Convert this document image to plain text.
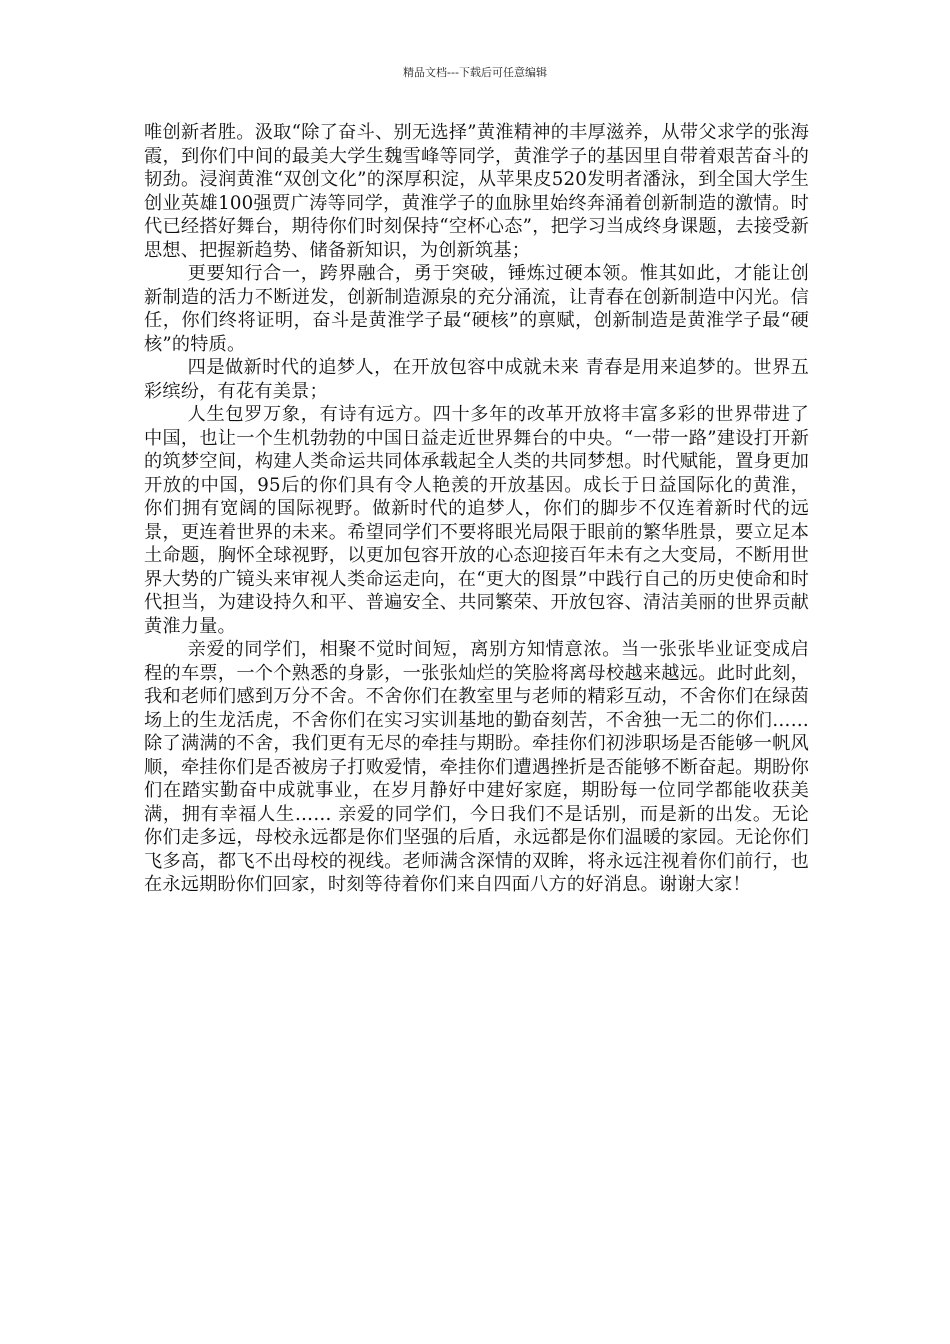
精品文档---下载后可任意编辑

唯创新者胜。汲取“除了奋斗、别无选择”黄淮精神的丰厚滋养，从带父求学的张海霞，到你们中间的最美大学生魏雪峰等同学，黄淮学子的基因里自带着艰苦奋斗的韧劲。浸润黄淮“双创文化”的深厚积淀，从苹果皮520发明者潘泳，到全国大学生创业英雄100强贾广涛等同学，黄淮学子的血脉里始终奔涌着创新制造的激情。时代已经搭好舞台，期待你们时刻保持“空杯心态”，把学习当成终身课题，去接受新思想、把握新趋势、储备新知识，为创新筑基；

更要知行合一，跨界融合，勇于突破，锤炼过硬本领。惟其如此，才能让创新制造的活力不断迸发，创新制造源泉的充分涌流，让青春在创新制造中闪光。信任，你们终将证明，奋斗是黄淮学子最“硬核”的禀赋，创新制造是黄淮学子最“硬核”的特质。

四是做新时代的追梦人，在开放包容中成就未来 青春是用来追梦的。世界五彩缤纷，有花有美景；

人生包罗万象，有诗有远方。四十多年的改革开放将丰富多彩的世界带进了中国，也让一个生机勃勃的中国日益走近世界舞台的中央。“一带一路”建设打开新的筑梦空间，构建人类命运共同体承载起全人类的共同梦想。时代赋能，置身更加开放的中国，95后的你们具有令人艳羡的开放基因。成长于日益国际化的黄淮，你们拥有宽阔的国际视野。做新时代的追梦人，你们的脚步不仅连着新时代的远景，更连着世界的未来。希望同学们不要将眼光局限于眼前的繁华胜景，要立足本土命题，胸怀全球视野，以更加包容开放的心态迎接百年未有之大变局，不断用世界大势的广镜头来审视人类命运走向，在“更大的图景”中践行自己的历史使命和时代担当，为建设持久和平、普遍安全、共同繁荣、开放包容、清洁美丽的世界贡献黄淮力量。

亲爱的同学们，相聚不觉时间短，离别方知情意浓。当一张张毕业证变成启程的车票，一个个熟悉的身影，一张张灿烂的笑脸将离母校越来越远。此时此刻，我和老师们感到万分不舍。不舍你们在教室里与老师的精彩互动，不舍你们在绿茵场上的生龙活虎，不舍你们在实习实训基地的勤奋刻苦，不舍独一无二的你们……除了满满的不舍，我们更有无尽的牵挂与期盼。牵挂你们初涉职场是否能够一帆风顺，牵挂你们是否被房子打败爱情，牵挂你们遭遇挫折是否能够不断奋起。期盼你们在踏实勤奋中成就事业，在岁月静好中建好家庭，期盼每一位同学都能收获美满，拥有幸福人生…… 亲爱的同学们，今日我们不是话别，而是新的出发。无论你们走多远，母校永远都是你们坚强的后盾，永远都是你们温暖的家园。无论你们飞多高，都飞不出母校的视线。老师满含深情的双眸，将永远注视着你们前行，也在永远期盼你们回家，时刻等待着你们来自四面八方的好消息。谢谢大家！
